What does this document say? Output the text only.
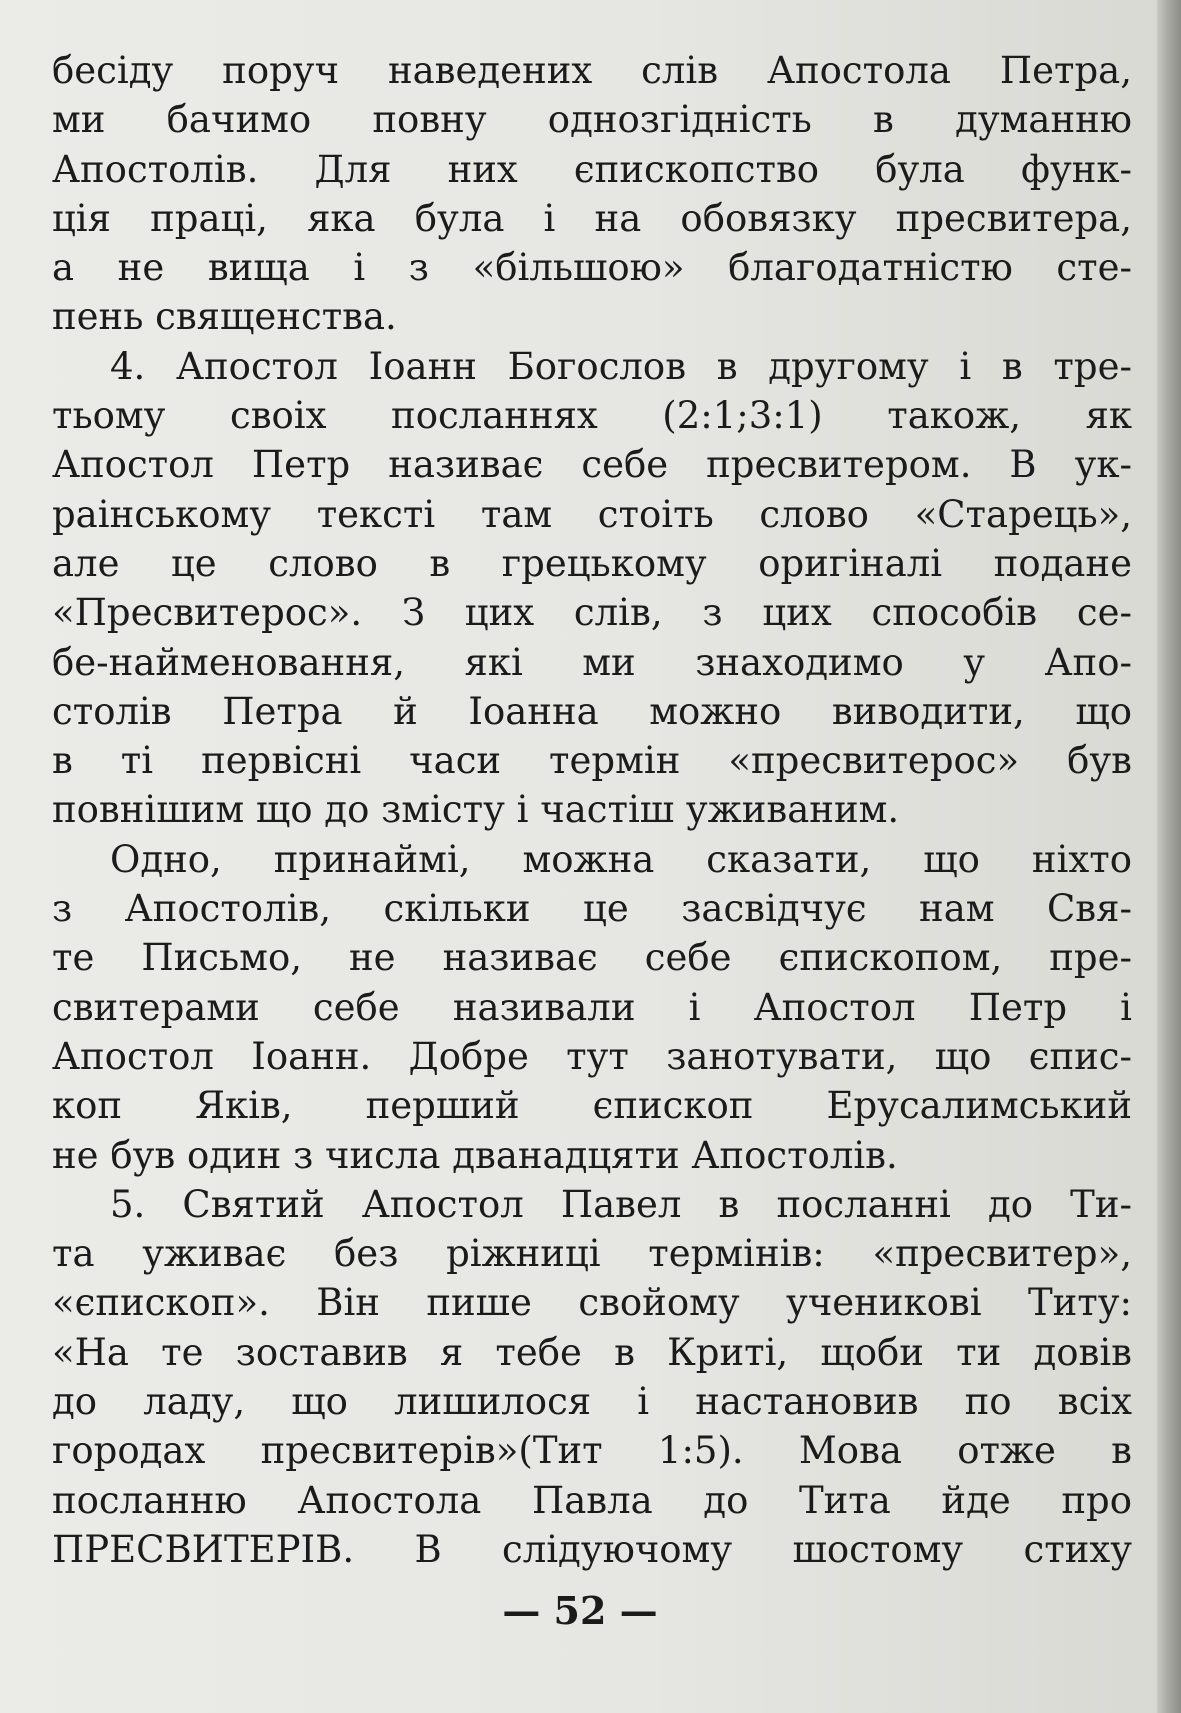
бесіду поруч наведених слів Апостола Петра,
ми бачимо повну однозгідність в думанню
Апостолів. Для них єпископство була функ-
ція праці, яка була і на обовязку пресвитера,
а не вища і з «більшою» благодатністю сте-
пень священства.
4. Апостол Іоанн Богослов в другому і в тре-
тьому своіх посланнях (2:1;3:1) також, як
Апостол Петр називає себе пресвитером. В ук-
раінському тексті там стоіть слово «Старець»,
але це слово в грецькому оригіналі подане
«Пресвитерос». З цих слів, з цих способів се-
бе-найменовання, які ми знаходимо у Апо-
столів Петра й Іоанна можно виводити, що
в ті первісні часи термін «пресвитерос» був
повнішим що до змісту і частіш уживаним.
Одно, принаймі, можна сказати, що ніхто
з Апостолів, скільки це засвідчує нам Свя-
те Письмо, не називає себе єпископом, пре-
свитерами себе називали і Апостол Петр і
Апостол Іоанн. Добре тут занотувати, що єпис-
коп Яків, перший єпископ Ерусалимський
не був один з числа дванадцяти Апостолів.
5. Святий Апостол Павел в посланні до Ти-
та уживає без ріжниці термінів: «пресвитер»,
«єпископ». Він пише свойому ученикові Титу:
«На те зоставив я тебе в Криті, щоби ти довів
до ладу, що лишилося і настановив по всіх
городах пресвитерів»(Тит 1:5). Мова отже в
посланню Апостола Павла до Тита йде про
ПРЕСВИТЕРІВ. В слідуючому шостому стиху
— 52 —
